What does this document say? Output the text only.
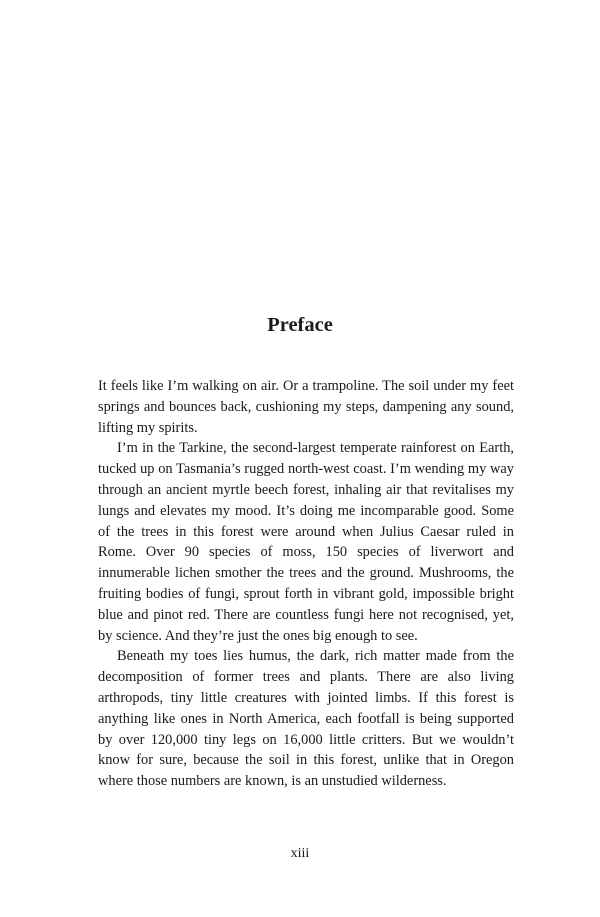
Preface

It feels like I’m walking on air. Or a trampoline. The soil under my feet springs and bounces back, cushioning my steps, dampening any sound, lifting my spirits.

I’m in the Tarkine, the second-largest temperate rainforest on Earth, tucked up on Tasmania’s rugged north-west coast. I’m wending my way through an ancient myrtle beech forest, inhaling air that revitalises my lungs and elevates my mood. It’s doing me incomparable good. Some of the trees in this forest were around when Julius Caesar ruled in Rome. Over 90 species of moss, 150 species of liverwort and innumerable lichen smother the trees and the ground. Mushrooms, the fruiting bodies of fungi, sprout forth in vibrant gold, impossible bright blue and pinot red. There are countless fungi here not recognised, yet, by science. And they’re just the ones big enough to see.

Beneath my toes lies humus, the dark, rich matter made from the decomposition of former trees and plants. There are also living arthropods, tiny little creatures with jointed limbs. If this forest is anything like ones in North America, each footfall is being supported by over 120,000 tiny legs on 16,000 little critters. But we wouldn’t know for sure, because the soil in this forest, unlike that in Oregon where those numbers are known, is an unstudied wilderness.

xiii
